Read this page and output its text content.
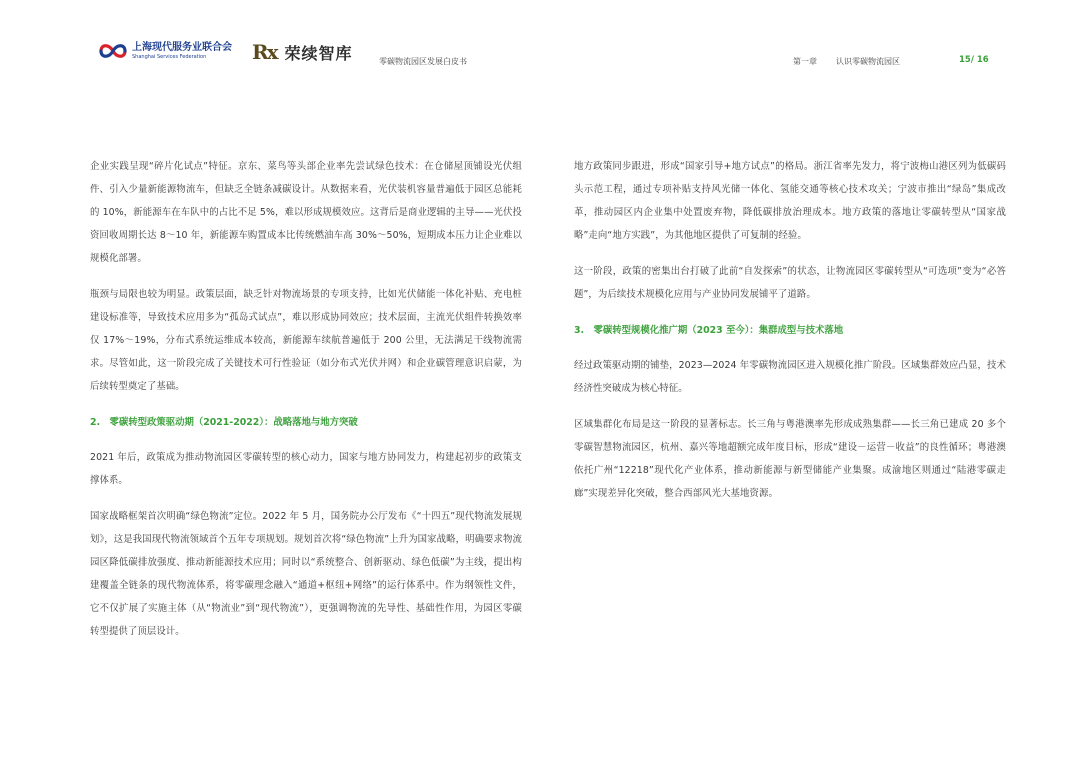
上海现代服务业联合会
Shanghai Services Federation	Rx 荣续智库	零碳物流园区发展白皮书	第一章 认识零碳物流园区	15/ 16

企业实践呈现“碎片化试点”特征。京东、菜鸟等头部企业率先尝试绿色技术：在仓储屋顶铺设光伏组件、引入少量新能源物流车，但缺乏全链条减碳设计。从数据来看，光伏装机容量普遍低于园区总能耗的 10%，新能源车在车队中的占比不足 5%，难以形成规模效应。这背后是商业逻辑的主导——光伏投资回收周期长达 8～10 年，新能源车购置成本比传统燃油车高 30%～50%，短期成本压力让企业难以规模化部署。

瓶颈与局限也较为明显。政策层面，缺乏针对物流场景的专项支持，比如光伏储能一体化补贴、充电桩建设标准等，导致技术应用多为“孤岛式试点”，难以形成协同效应；技术层面，主流光伏组件转换效率仅 17%～19%，分布式系统运维成本较高，新能源车续航普遍低于 200 公里，无法满足干线物流需求。尽管如此，这一阶段完成了关键技术可行性验证（如分布式光伏并网）和企业碳管理意识启蒙，为后续转型奠定了基础。

2.　零碳转型政策驱动期（2021-2022）：战略落地与地方突破

2021 年后，政策成为推动物流园区零碳转型的核心动力，国家与地方协同发力，构建起初步的政策支撑体系。

国家战略框架首次明确“绿色物流”定位。2022 年 5 月，国务院办公厅发布《“十四五”现代物流发展规划》，这是我国现代物流领域首个五年专项规划。规划首次将“绿色物流”上升为国家战略，明确要求物流园区降低碳排放强度、推动新能源技术应用；同时以“系统整合、创新驱动、绿色低碳”为主线，提出构建覆盖全链条的现代物流体系，将零碳理念融入“通道+枢纽+网络”的运行体系中。作为纲领性文件，它不仅扩展了实施主体（从“物流业”到“现代物流”），更强调物流的先导性、基础性作用，为园区零碳转型提供了顶层设计。

地方政策同步跟进，形成“国家引导+地方试点”的格局。浙江省率先发力，将宁波梅山港区列为低碳码头示范工程，通过专项补贴支持风光储一体化、氢能交通等核心技术攻关；宁波市推出“绿岛”集成改革，推动园区内企业集中处置废弃物，降低碳排放治理成本。地方政策的落地让零碳转型从“国家战略”走向“地方实践”，为其他地区提供了可复制的经验。

这一阶段，政策的密集出台打破了此前“自发探索”的状态，让物流园区零碳转型从“可选项”变为“必答题”，为后续技术规模化应用与产业协同发展铺平了道路。

3.　零碳转型规模化推广期（2023 至今）：集群成型与技术落地

经过政策驱动期的铺垫，2023—2024 年零碳物流园区进入规模化推广阶段。区域集群效应凸显，技术经济性突破成为核心特征。

区域集群化布局是这一阶段的显著标志。长三角与粤港澳率先形成成熟集群——长三角已建成 20 多个零碳智慧物流园区，杭州、嘉兴等地超额完成年度目标，形成“建设－运营－收益”的良性循环；粤港澳依托广州“12218”现代化产业体系，推动新能源与新型储能产业集聚。成渝地区则通过“陆港零碳走廊”实现差异化突破，整合西部风光大基地资源。
